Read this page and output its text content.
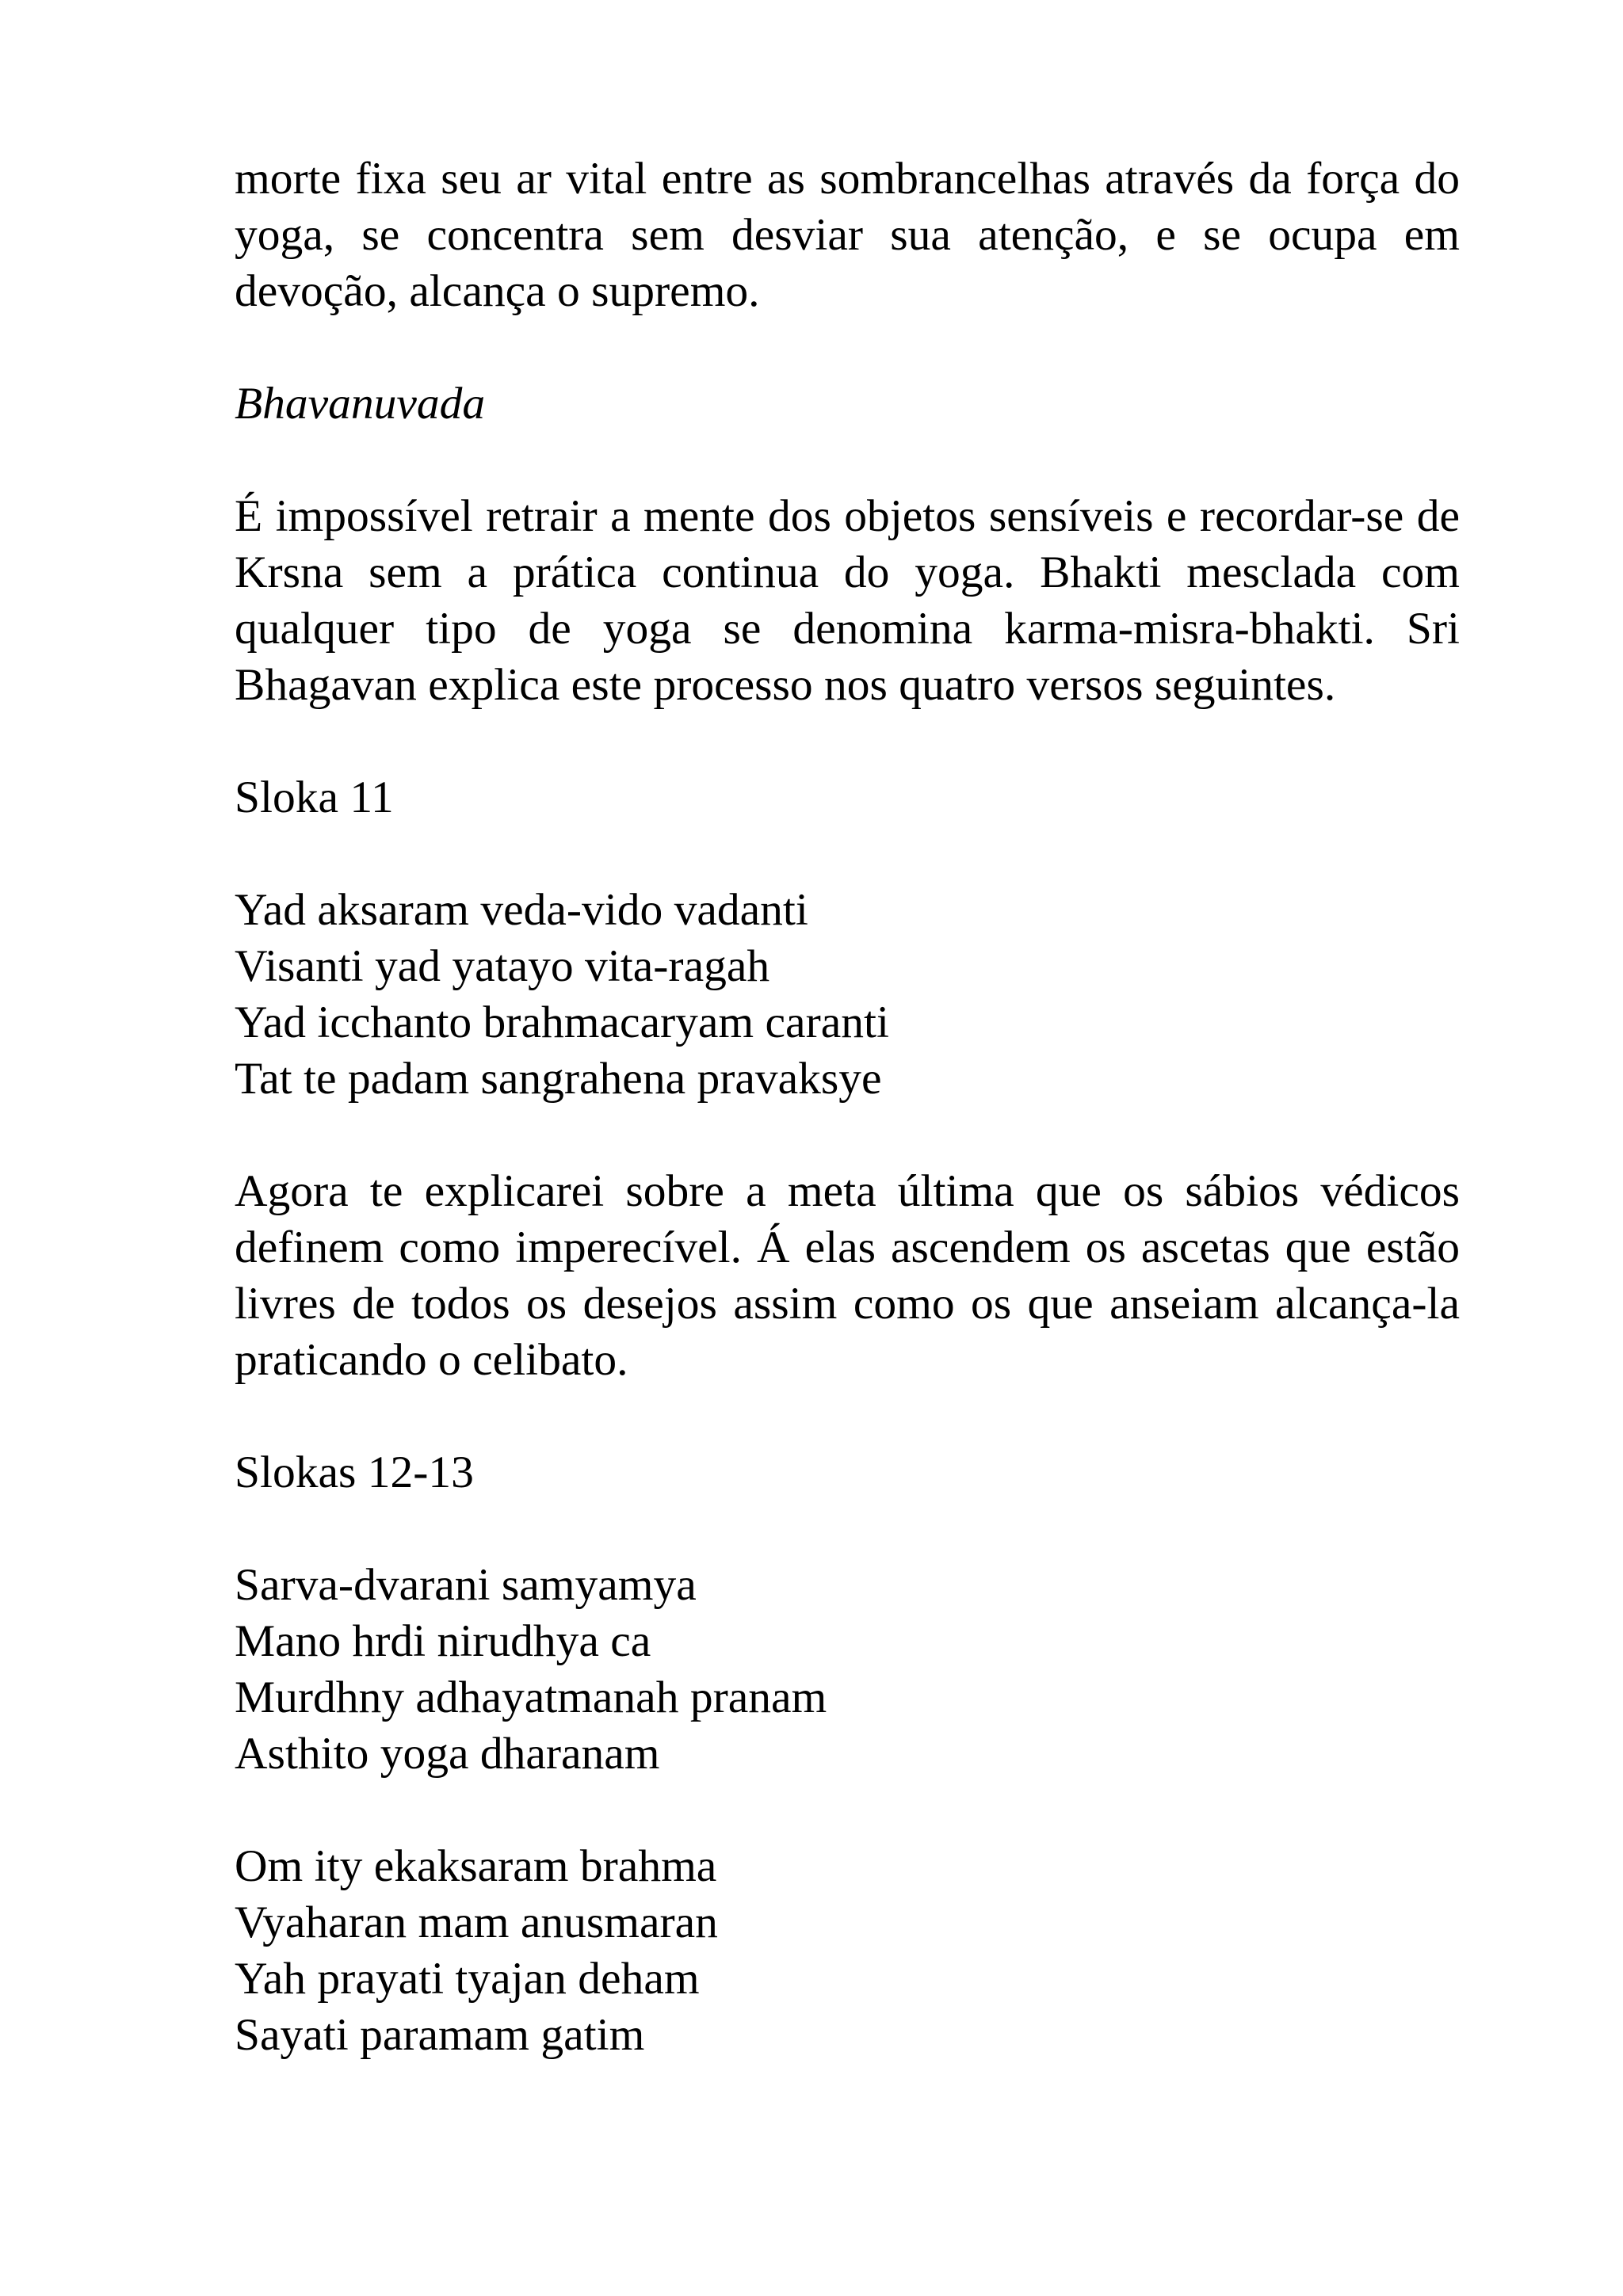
morte fixa seu ar vital entre as sombrancelhas através da força do yoga, se concentra sem desviar sua atenção, e se ocupa em devoção, alcança o supremo.

Bhavanuvada

É impossível retrair a mente dos objetos sensíveis e recordar-se de Krsna sem a prática continua do yoga. Bhakti mesclada com qualquer tipo de yoga se denomina karma-misra-bhakti. Sri Bhagavan explica este processo nos quatro versos seguintes.

Sloka 11

Yad aksaram veda-vido vadanti
Visanti yad yatayo vita-ragah
Yad icchanto brahmacaryam caranti
Tat te padam sangrahena pravaksye

Agora te explicarei sobre a meta última que os sábios védicos definem como imperecível. Á elas ascendem os ascetas que estão livres de todos os desejos assim como os que anseiam alcança-la praticando o celibato.

Slokas 12-13

Sarva-dvarani samyamya
Mano hrdi nirudhya ca
Murdhny adhayatmanah pranam
Asthito yoga dharanam
Om ity ekaksaram brahma
Vyaharan mam anusmaran
Yah prayati tyajan deham
Sayati paramam gatim
